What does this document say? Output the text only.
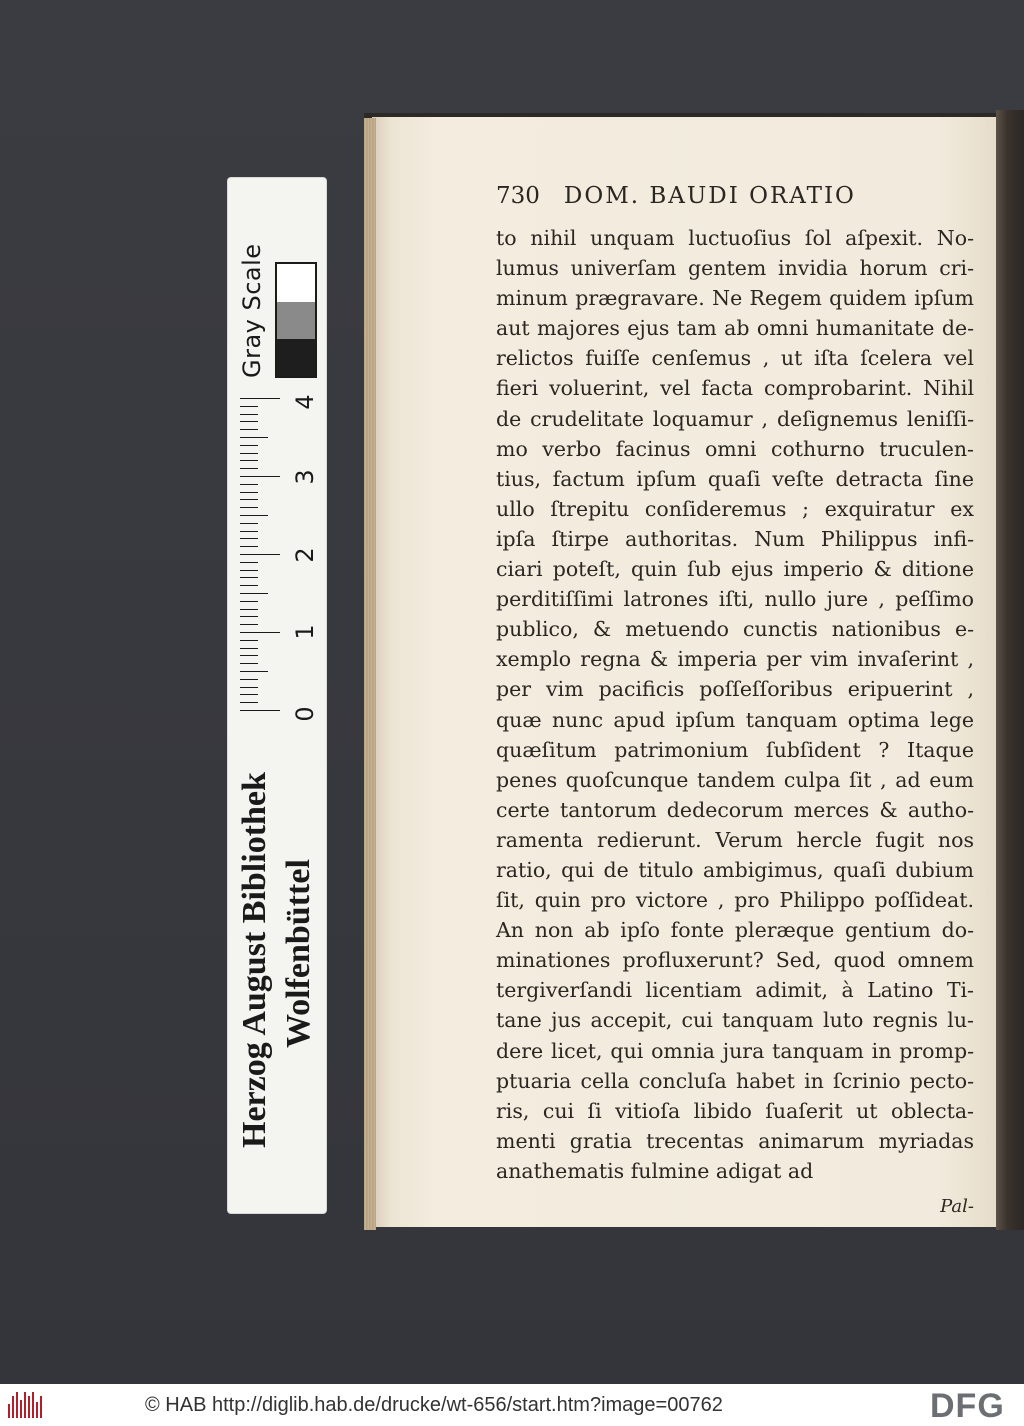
Gray Scale
4
3
2
1
0
Herzog August Bibliothek Wolfenbüttel
730 DOM. BAUDI ORATIO
to nihil unquam luctuoſius ſol aſpexit. No-
lumus univerſam gentem invidia horum cri-
minum prægravare. Ne Regem quidem ipſum
aut majores ejus tam ab omni humanitate de-
relictos fuiſſe cenſemus , ut iſta ſcelera vel
fieri voluerint, vel facta comprobarint. Nihil
de crudelitate loquamur , deſignemus leniſſi-
mo verbo facinus omni cothurno truculen-
tius, factum ipſum quaſi veſte detracta ſine
ullo ſtrepitu conſideremus ; exquiratur ex
ipſa ſtirpe authoritas. Num Philippus infi-
ciari poteſt, quin ſub ejus imperio & ditione
perditiſſimi latrones iſti, nullo jure , peſſimo
publico, & metuendo cunctis nationibus e-
xemplo regna & imperia per vim invaſerint ,
per vim pacificis poſſeſſoribus eripuerint ,
quæ nunc apud ipſum tanquam optima lege
quæſitum patrimonium ſubſident ? Itaque
penes quoſcunque tandem culpa ſit , ad eum
certe tantorum dedecorum merces & autho-
ramenta redierunt. Verum hercle fugit nos
ratio, qui de titulo ambigimus, quaſi dubium
ſit, quin pro victore , pro Philippo poſſideat.
An non ab ipſo fonte pleræque gentium do-
minationes profluxerunt? Sed, quod omnem
tergiverſandi licentiam adimit, à Latino Ti-
tane jus accepit, cui tanquam luto regnis lu-
dere licet, qui omnia jura tanquam in promp-
ptuaria cella concluſa habet in ſcrinio pecto-
ris, cui ſi vitioſa libido ſuaſerit ut oblecta-
menti gratia trecentas animarum myriadas
anathematis fulmine adigat ad
Pal-
© HAB http://diglib.hab.de/drucke/wt-656/start.htm?image=00762	DFG
